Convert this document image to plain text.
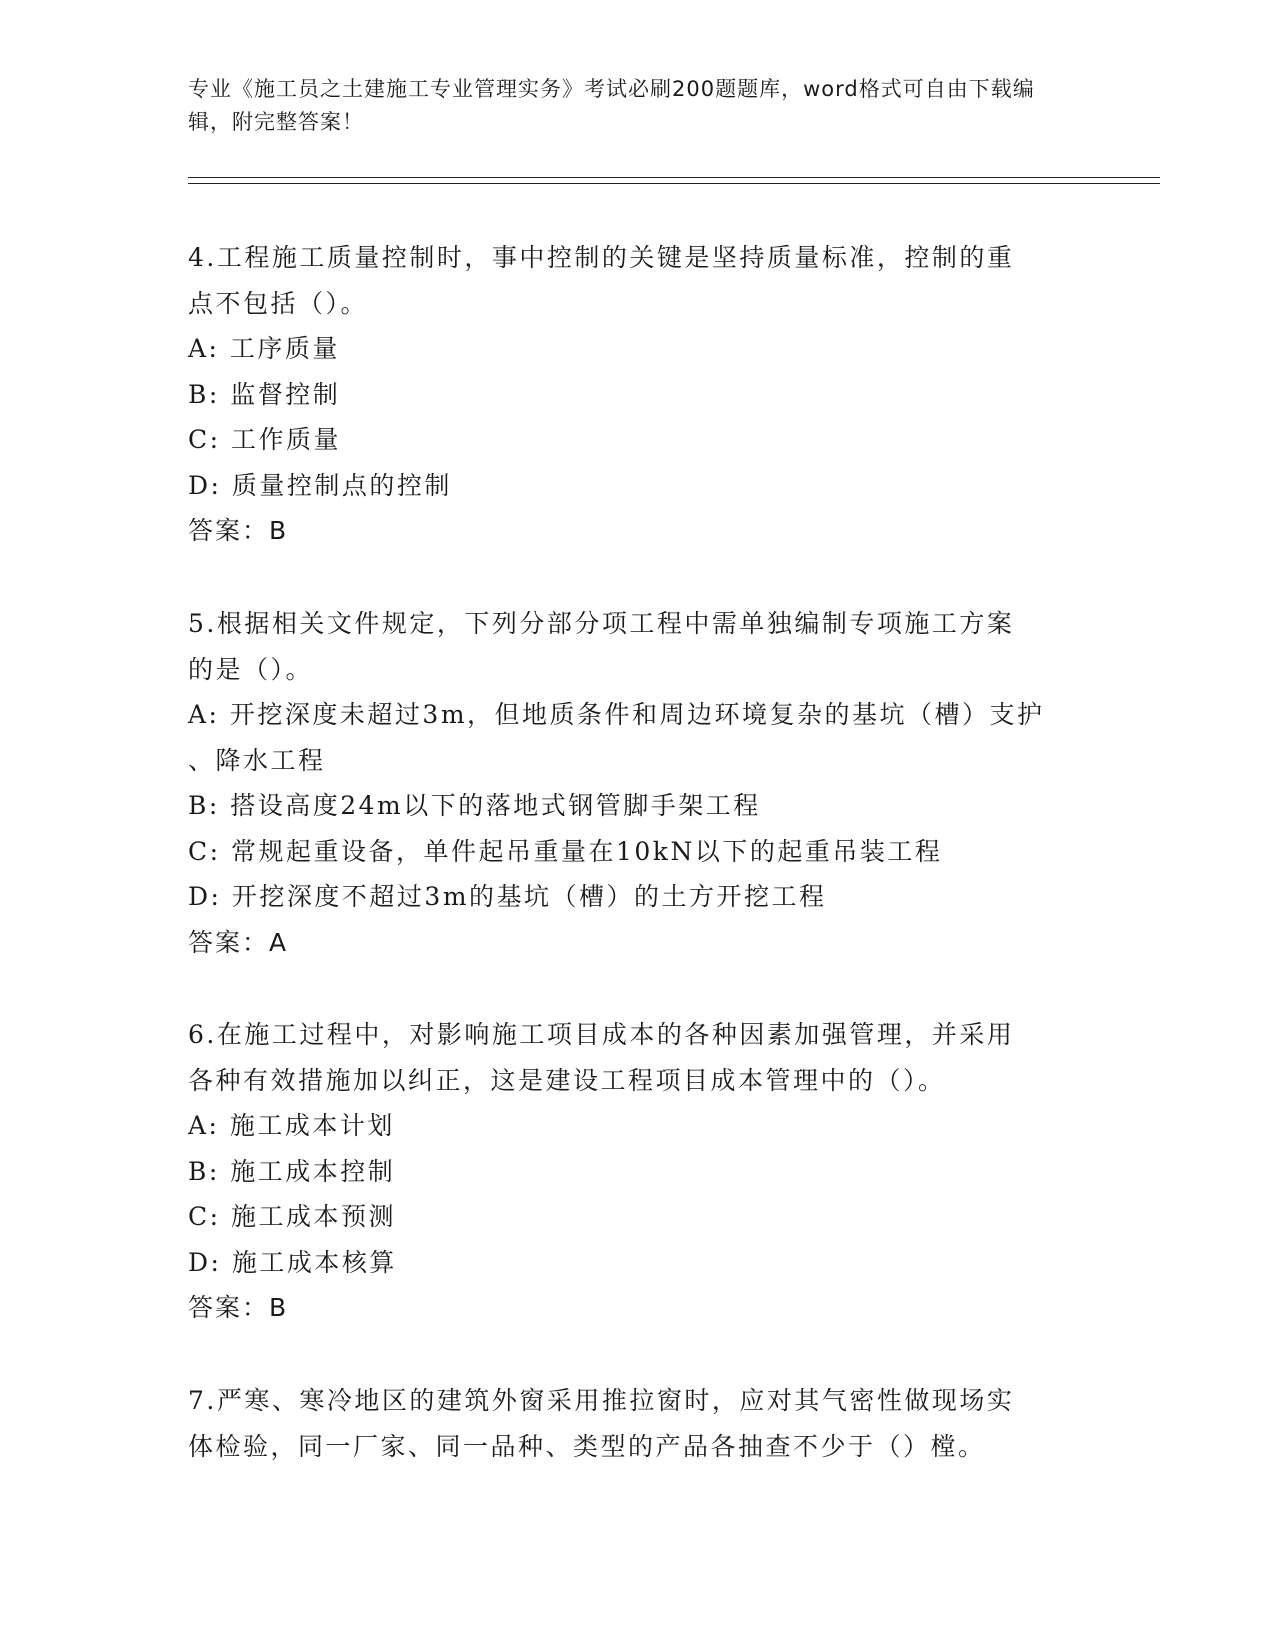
专业《施工员之土建施工专业管理实务》考试必刷200题题库，word格式可自由下载编辑，附完整答案！
4.工程施工质量控制时，事中控制的关键是坚持质量标准，控制的重
点不包括（）。
A: 工序质量
B: 监督控制
C: 工作质量
D: 质量控制点的控制
答案：B
5.根据相关文件规定，下列分部分项工程中需单独编制专项施工方案
的是（）。
A: 开挖深度未超过3m，但地质条件和周边环境复杂的基坑（槽）支护
、降水工程
B: 搭设高度24m以下的落地式钢管脚手架工程
C: 常规起重设备，单件起吊重量在10kN以下的起重吊装工程
D: 开挖深度不超过3m的基坑（槽）的土方开挖工程
答案：A
6.在施工过程中，对影响施工项目成本的各种因素加强管理，并采用
各种有效措施加以纠正，这是建设工程项目成本管理中的（）。
A: 施工成本计划
B: 施工成本控制
C: 施工成本预测
D: 施工成本核算
答案：B
7.严寒、寒冷地区的建筑外窗采用推拉窗时，应对其气密性做现场实
体检验，同一厂家、同一品种、类型的产品各抽查不少于（）樘。
